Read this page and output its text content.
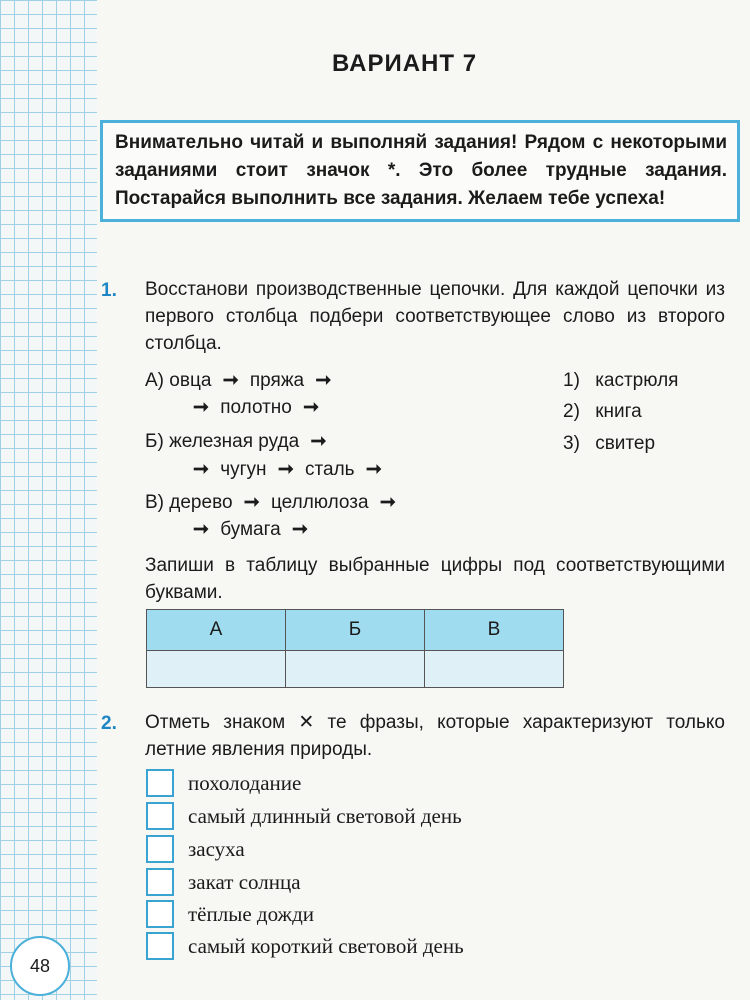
ВАРИАНТ 7
Внимательно читай и выполняй задания! Рядом с некоторыми заданиями стоит значок *. Это более трудные задания. Постарайся выполнить все задания. Желаем тебе успеха!
1. Восстанови производственные цепочки. Для каждой цепочки из первого столбца подбери соответствующее слово из второго столбца.
А) овца ➞ пряжа ➞
➞ полотно ➞
Б) железная руда ➞
➞ чугун ➞ сталь ➞
В) дерево ➞ целлюлоза ➞
➞ бумага ➞
1) кастрюля
2) книга
3) свитер
Запиши в таблицу выбранные цифры под соответствующими буквами.
А	Б	В

2. Отметь знаком ✕ те фразы, которые характеризуют только летние явления природы.
похолодание
самый длинный световой день
засуха
закат солнца
тёплые дожди
самый короткий световой день
48
